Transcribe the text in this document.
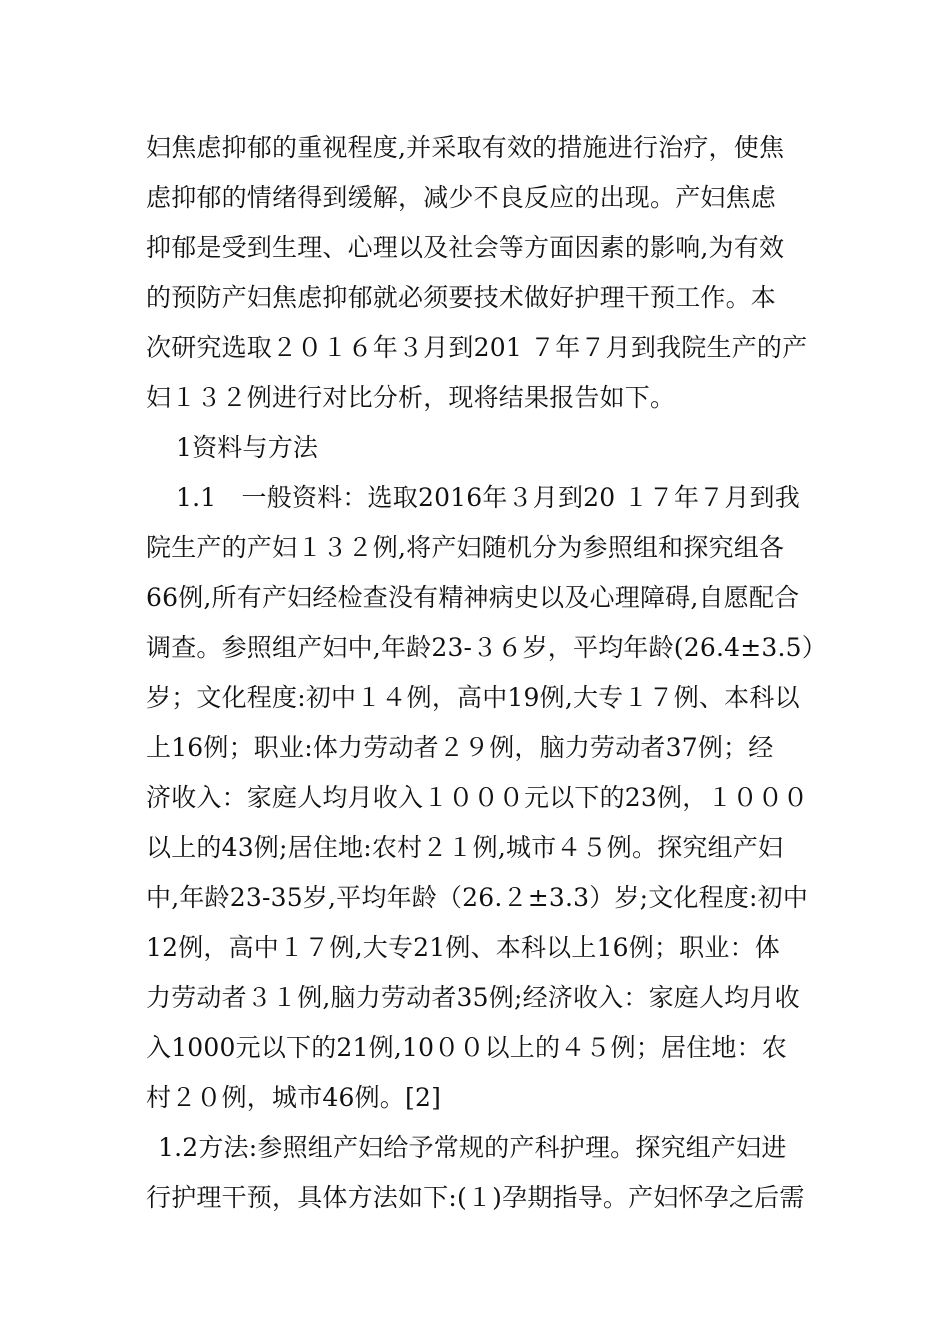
妇焦虑抑郁的重视程度,并采取有效的措施进行治疗，使焦
虑抑郁的情绪得到缓解，减少不良反应的出现。产妇焦虑
抑郁是受到生理、心理以及社会等方面因素的影响,为有效
的预防产妇焦虑抑郁就必须要技术做好护理干预工作。本
次研究选取２０１６年３月到201 ７年７月到我院生产的产
妇１３２例进行对比分析，现将结果报告如下。
1资料与方法
1.1　一般资料：选取2016年３月到20 １７年７月到我
院生产的产妇１３２例,将产妇随机分为参照组和探究组各
66例,所有产妇经检查没有精神病史以及心理障碍,自愿配合
调查。参照组产妇中,年龄23-３６岁，平均年龄(26.4±3.5）
岁；文化程度:初中１４例，高中19例,大专１７例、本科以
上16例；职业:体力劳动者２９例，脑力劳动者37例；经
济收入：家庭人均月收入１０００元以下的23例，１０００
以上的43例;居住地:农村２１例,城市４５例。探究组产妇
中,年龄23-35岁,平均年龄（26.２±3.3）岁;文化程度:初中
12例，高中１７例,大专21例、本科以上16例；职业：体
力劳动者３１例,脑力劳动者35例;经济收入：家庭人均月收
入1000元以下的21例,10００以上的４５例；居住地：农
村２０例，城市46例。[2]
1.2方法:参照组产妇给予常规的产科护理。探究组产妇进
行护理干预，具体方法如下:(１)孕期指导。产妇怀孕之后需
